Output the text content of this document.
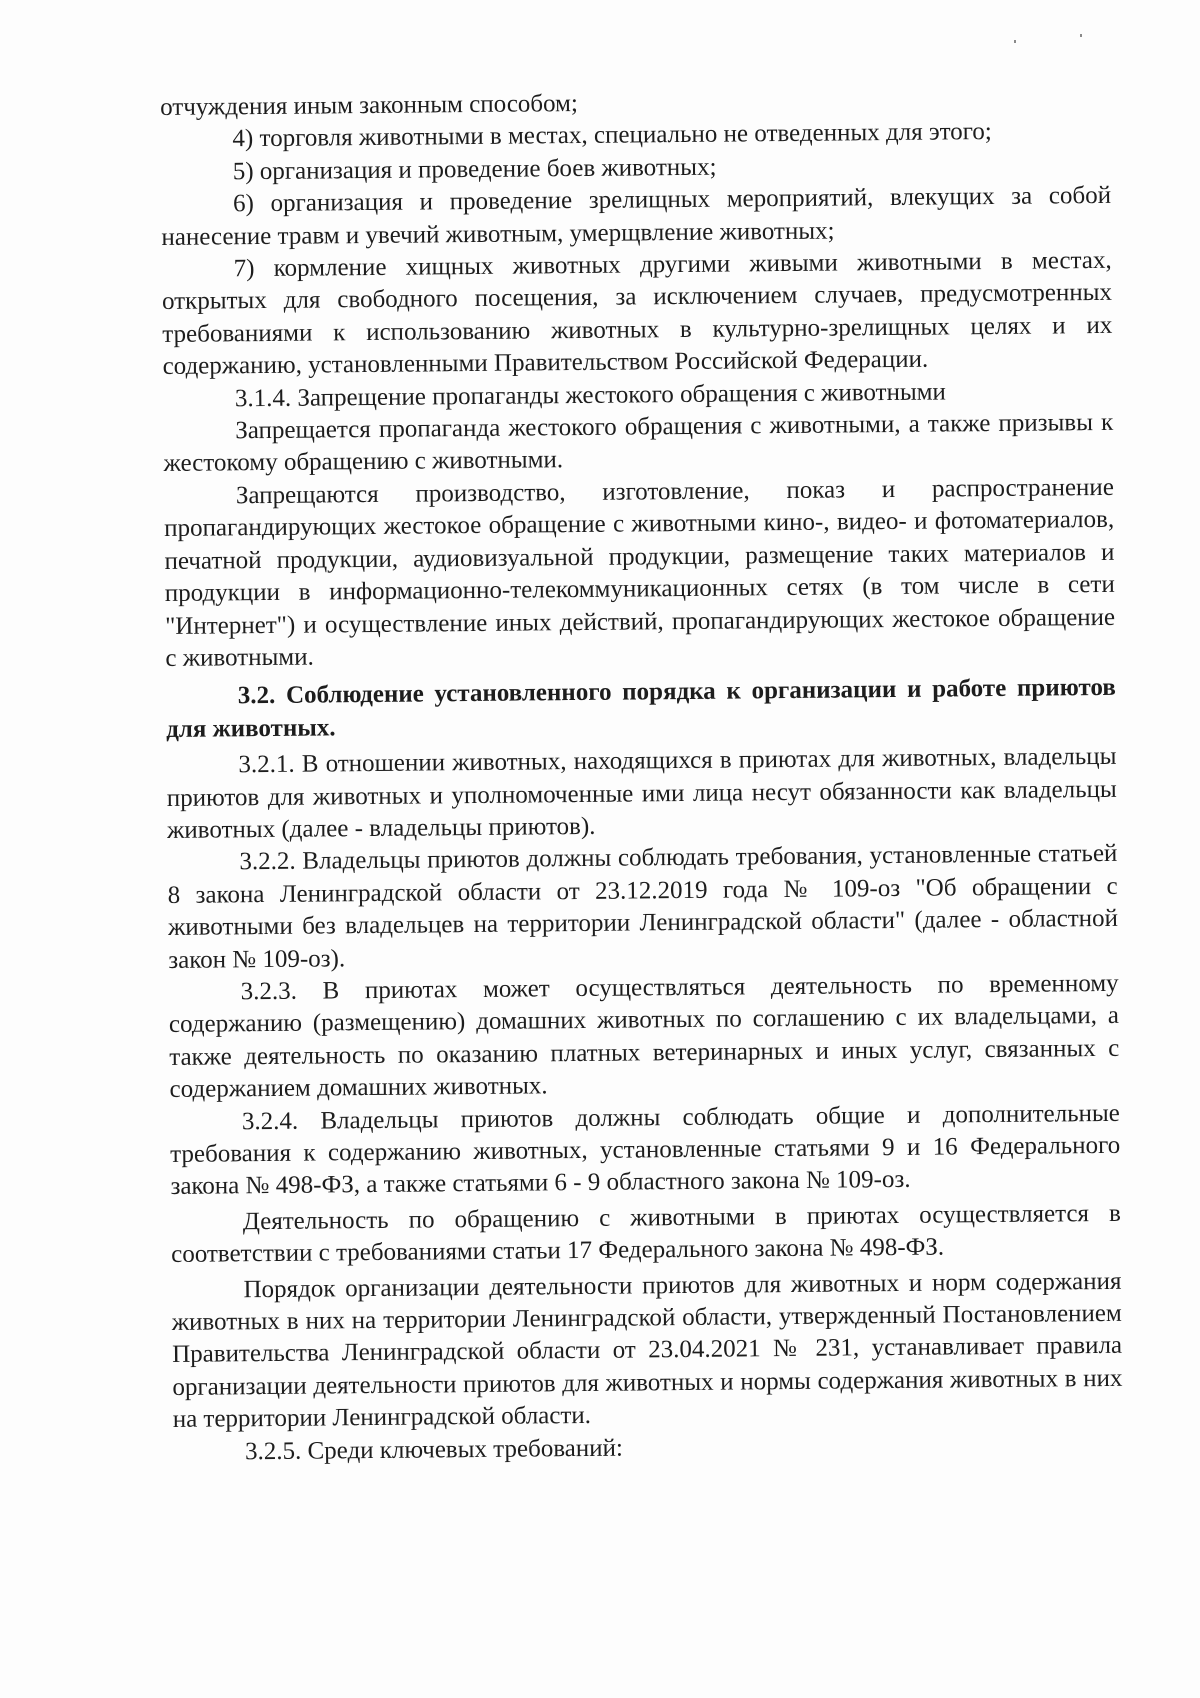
отчуждения иным законным способом;

4) торговля животными в местах, специально не отведенных для этого;

5) организация и проведение боев животных;

6) организация и проведение зрелищных мероприятий, влекущих за собой нанесение травм и увечий животным, умерщвление животных;

7) кормление хищных животных другими живыми животными в местах, открытых для свободного посещения, за исключением случаев, предусмотренных требованиями к использованию животных в культурно-зрелищных целях и их содержанию, установленными Правительством Российской Федерации.

3.1.4. Запрещение пропаганды жестокого обращения с животными

Запрещается пропаганда жестокого обращения с животными, а также призывы к жестокому обращению с животными.

Запрещаются производство, изготовление, показ и распространение пропагандирующих жестокое обращение с животными кино-, видео- и фотоматериалов, печатной продукции, аудиовизуальной продукции, размещение таких материалов и продукции в информационно-телекоммуникационных сетях (в том числе в сети "Интернет") и осуществление иных действий, пропагандирующих жестокое обращение с животными.

3.2. Соблюдение установленного порядка к организации и работе приютов для животных.

3.2.1. В отношении животных, находящихся в приютах для животных, владельцы приютов для животных и уполномоченные ими лица несут обязанности как владельцы животных (далее - владельцы приютов).

3.2.2. Владельцы приютов должны соблюдать требования, установленные статьей 8 закона Ленинградской области от 23.12.2019 года № 109-оз "Об обращении с животными без владельцев на территории Ленинградской области" (далее - областной закон № 109-оз).

3.2.3. В приютах может осуществляться деятельность по временному содержанию (размещению) домашних животных по соглашению с их владельцами, а также деятельность по оказанию платных ветеринарных и иных услуг, связанных с содержанием домашних животных.

3.2.4. Владельцы приютов должны соблюдать общие и дополнительные требования к содержанию животных, установленные статьями 9 и 16 Федерального закона № 498-ФЗ, а также статьями 6 - 9 областного закона № 109-оз.

Деятельность по обращению с животными в приютах осуществляется в соответствии с требованиями статьи 17 Федерального закона № 498-ФЗ.

Порядок организации деятельности приютов для животных и норм содержания животных в них на территории Ленинградской области, утвержденный Постановлением Правительства Ленинградской области от 23.04.2021 № 231, устанавливает правила организации деятельности приютов для животных и нормы содержания животных в них на территории Ленинградской области.

3.2.5. Среди ключевых требований:
